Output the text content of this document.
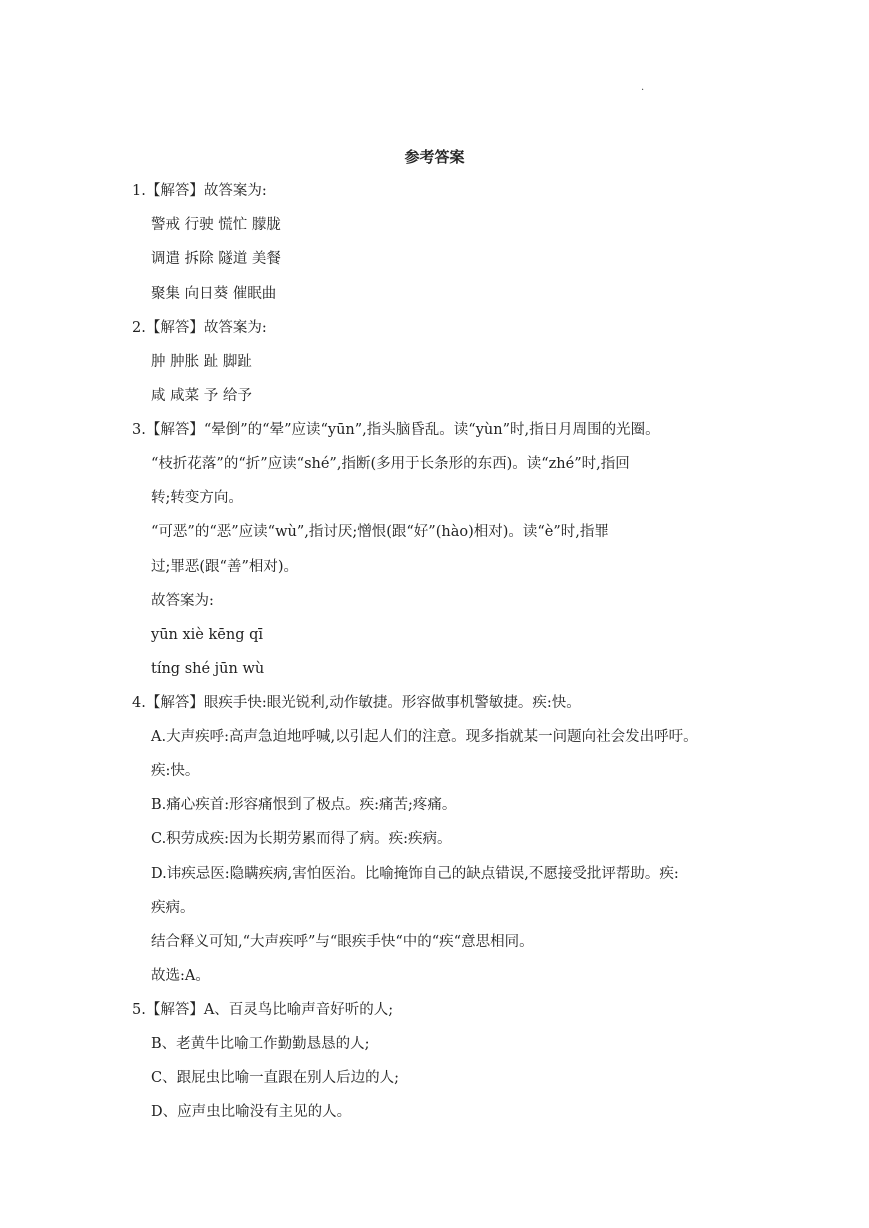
.
参考答案
1.【解答】故答案为:
警戒 行驶 慌忙 朦胧
调遣 拆除 隧道 美餐
聚集 向日葵 催眠曲
2.【解答】故答案为:
肿 肿胀 趾 脚趾
咸 咸菜 予 给予
3.【解答】“晕倒”的“晕”应读“yūn”,指头脑昏乱。读“yùn”时,指日月周围的光圈。
“枝折花落”的“折”应读“shé”,指断(多用于长条形的东西)。读“zhé”时,指回
转;转变方向。
“可恶”的“恶”应读“wù”,指讨厌;憎恨(跟“好”(hào)相对)。读“è”时,指罪
过;罪恶(跟“善”相对)。
故答案为:
yūn xiè kēng qī
tíng shé jūn wù
4.【解答】眼疾手快:眼光锐利,动作敏捷。形容做事机警敏捷。疾:快。
A.大声疾呼:高声急迫地呼喊,以引起人们的注意。现多指就某一问题向社会发出呼吁。
疾:快。
B.痛心疾首:形容痛恨到了极点。疾:痛苦;疼痛。
C.积劳成疾:因为长期劳累而得了病。疾:疾病。
D.讳疾忌医:隐瞒疾病,害怕医治。比喻掩饰自己的缺点错误,不愿接受批评帮助。疾:
疾病。
结合释义可知,“大声疾呼”与“眼疾手快“中的“疾“意思相同。
故选:A。
5.【解答】A、百灵鸟比喻声音好听的人;
B、老黄牛比喻工作勤勤恳恳的人;
C、跟屁虫比喻一直跟在别人后边的人;
D、应声虫比喻没有主见的人。
